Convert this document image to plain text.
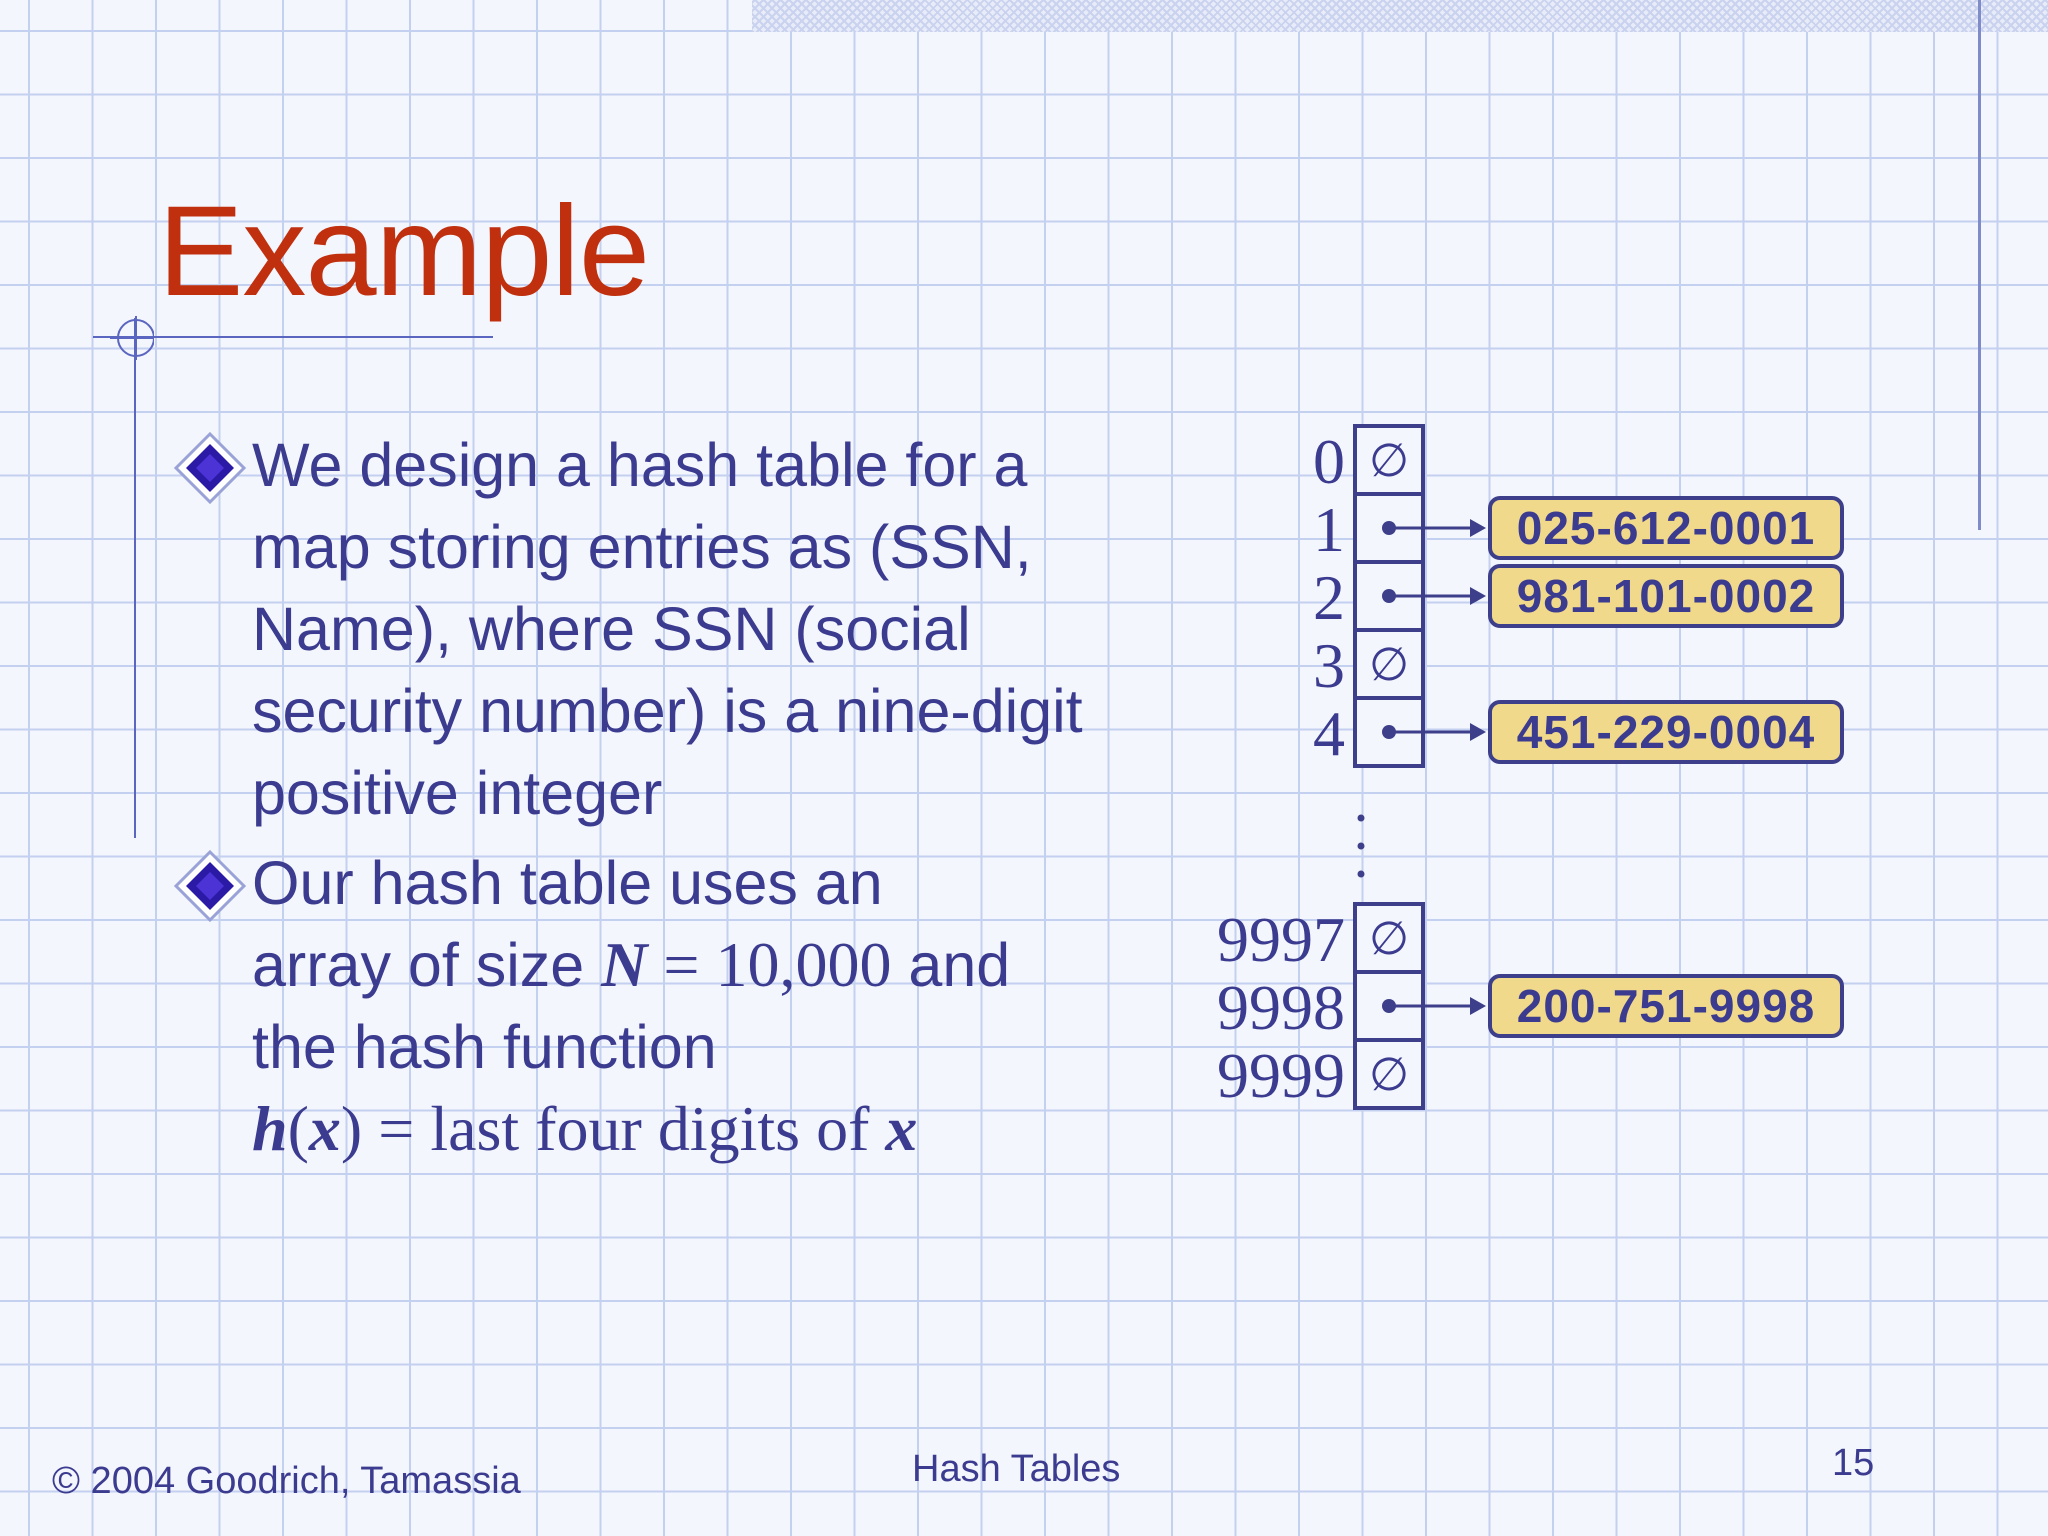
Example
We design a hash table for a map storing entries as (SSN, Name), where SSN (social security number) is a nine-digit positive integer
Our hash table uses an
array of size N = 10,000 and
the hash function
h(x) = last four digits of x
0 ∅
1	025-612-0001
2	981-101-0002
3 ∅
4	451-229-0004
9997 ∅
9998	200-751-9998
9999 ∅
© 2004 Goodrich, Tamassia	Hash Tables	15
